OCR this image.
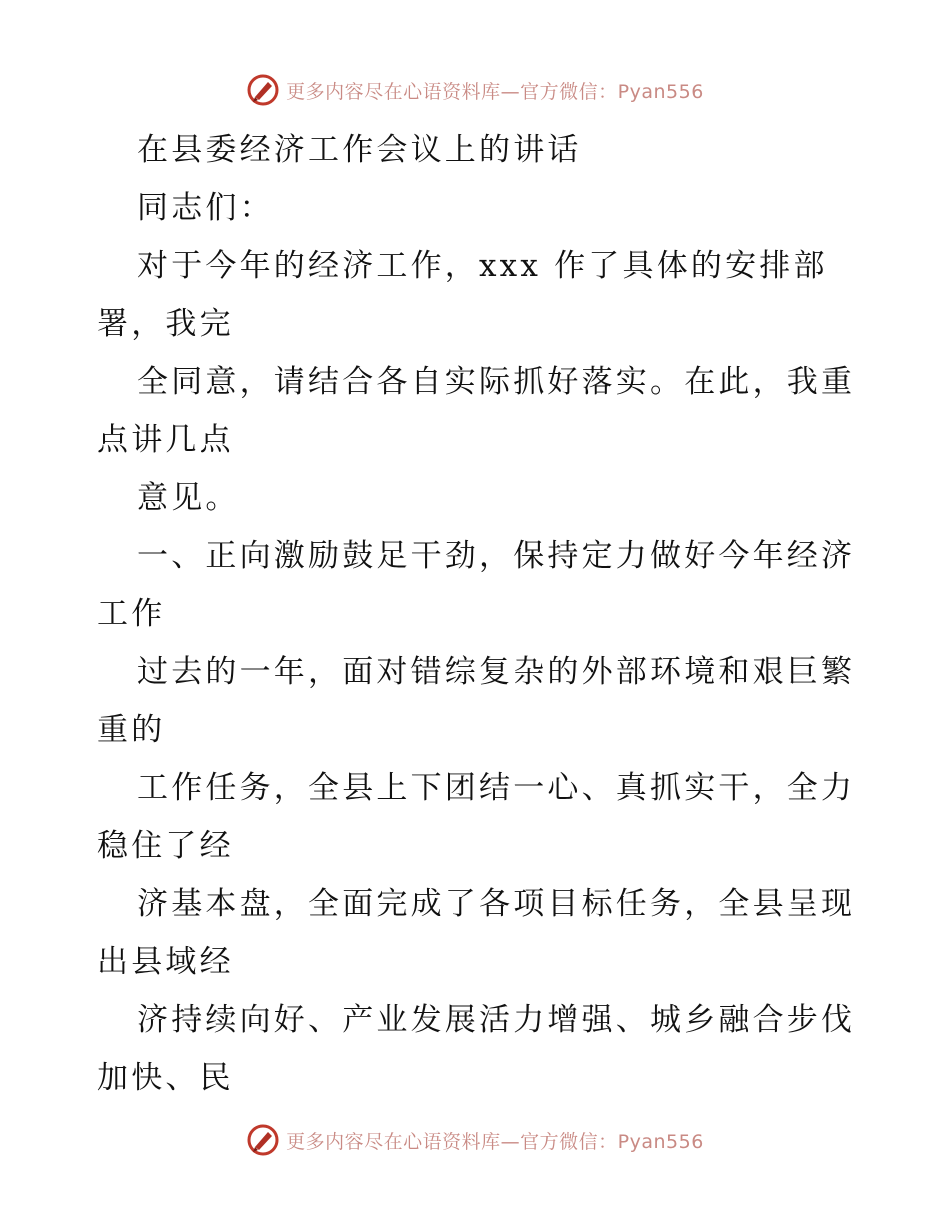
更多内容尽在心语资料库—官方微信：Pyan556
在县委经济工作会议上的讲话
同志们：
对于今年的经济工作，xxx 作了具体的安排部
署，我完
全同意，请结合各自实际抓好落实。在此，我重
点讲几点
意见。
一、正向激励鼓足干劲，保持定力做好今年经济
工作
过去的一年，面对错综复杂的外部环境和艰巨繁
重的
工作任务，全县上下团结一心、真抓实干，全力
稳住了经
济基本盘，全面完成了各项目标任务，全县呈现
出县域经
济持续向好、产业发展活力增强、城乡融合步伐
加快、民
更多内容尽在心语资料库—官方微信：Pyan556
